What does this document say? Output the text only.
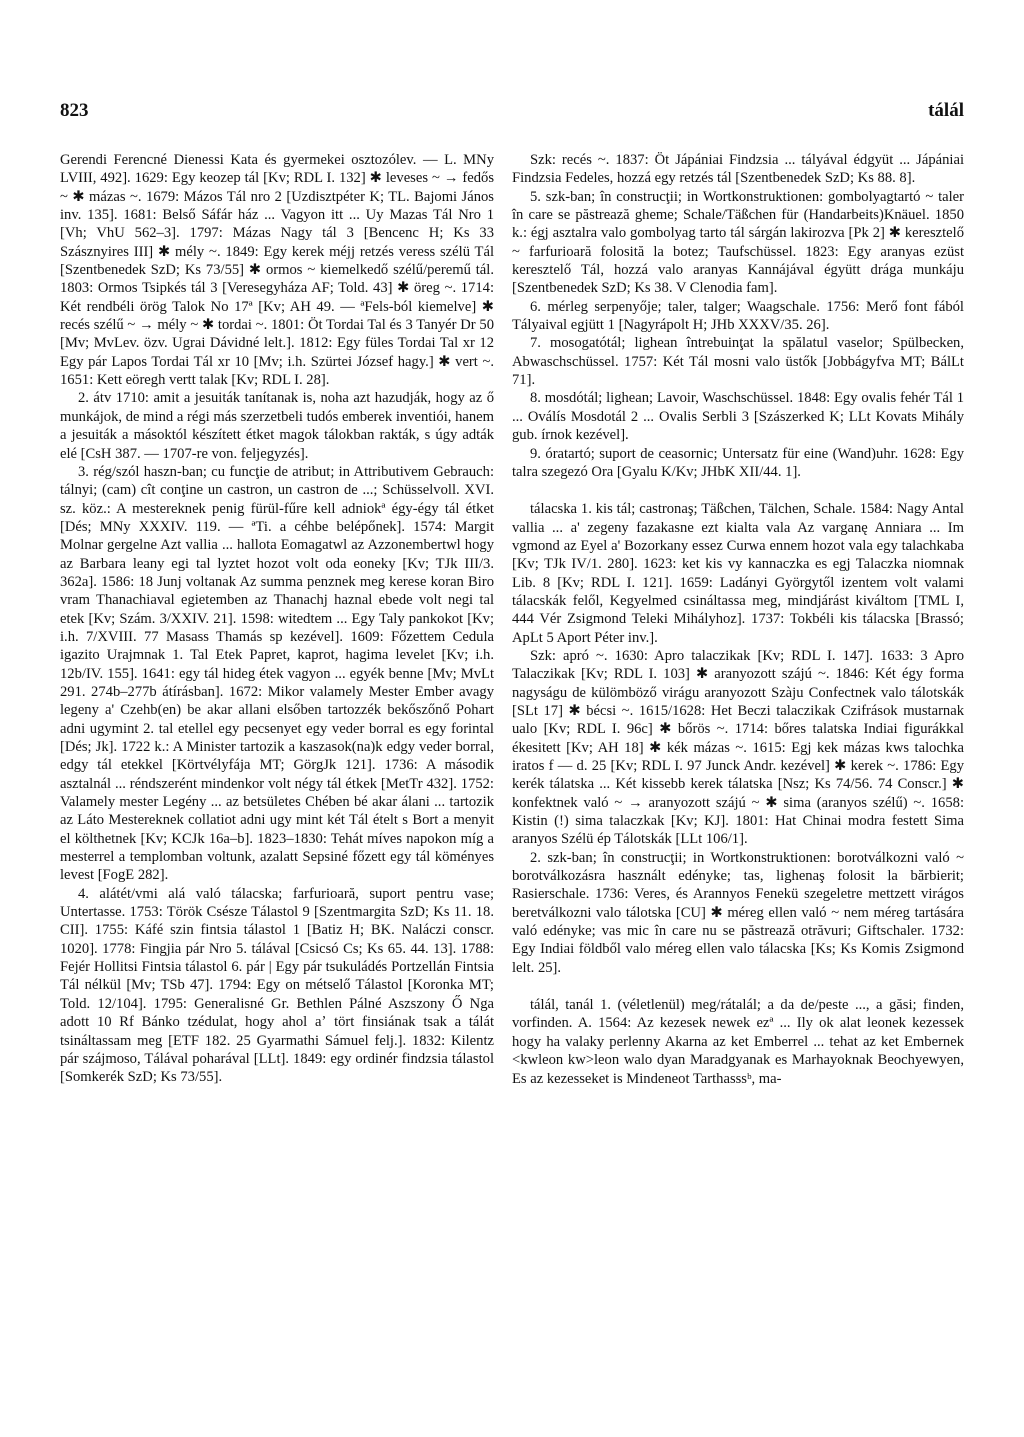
823	tálál

Gerendi Ferencné Dienessi Kata és gyermekei osztozólev. — L. MNy LVIII, 492]. 1629: Egy keozep tál [Kv; RDL I. 132] ✱ leveses ~ → fedős ~ ✱ mázas ~. 1679: Mázos Tál nro 2 [Uzdisztpéter K; TL. Bajomi János inv. 135]. 1681: Belső Sáfár ház ... Vagyon itt ... Uy Mazas Tál Nro 1 [Vh; VhU 562–3]. 1797: Mázas Nagy tál 3 [Bencenc H; Ks 33 Szásznyires III] ✱ mély ~. 1849: Egy kerek méjj retzés veress szélü Tál [Szentbenedek SzD; Ks 73/55] ✱ ormos ~ kiemelkedő szélű/peremű tál. 1803: Ormos Tsipkés tál 3 [Veresegyháza AF; Told. 43] ✱ öreg ~. 1714: Két rendbéli örög Talok No 17ª [Kv; AH 49. — ªFels-ból kiemelve] ✱ recés szélű ~ → mély ~ ✱ tordai ~. 1801: Öt Tordai Tal és 3 Tanyér Dr 50 [Mv; MvLev. özv. Ugrai Dávidné lelt.]. 1812: Egy füles Tordai Tal xr 12 Egy pár Lapos Tordai Tál xr 10 [Mv; i.h. Szürtei József hagy.] ✱ vert ~. 1651: Kett eöregh vertt talak [Kv; RDL I. 28].

2. átv 1710: amit a jesuiták tanítanak is, noha azt hazudják, hogy az ő munkájok, de mind a régi más szerzetbeli tudós emberek inventiói, hanem a jesuiták a másoktól készített étket magok tálokban rakták, s úgy adták elé [CsH 387. — 1707-re von. feljegyzés].

3. rég/szól haszn-ban; cu funcţie de atribut; in Attributivem Gebrauch: tálnyi; (cam) cît conţine un castron, un castron de ...; Schüsselvoll. XVI. sz. köz.: A mestereknek penig fürül-fűre kell adniokª égy-égy tál étket [Dés; MNy XXXIV. 119. — ªTi. a céhbe belépőnek]. 1574: Margit Molnar gergelne Azt vallia ... hallota Eomagatwl az Azzonembertwl hogy az Barbara leany egi tal lyztet hozot volt oda eoneky [Kv; TJk III/3. 362a]. 1586: 18 Junj voltanak Az summa penznek meg kerese koran Biro vram Thanachiaval egietemben az Thanachj haznal ebede volt negi tal etek [Kv; Szám. 3/XXIV. 21]. 1598: witedtem ... Egy Taly pankokot [Kv; i.h. 7/XVIII. 77 Masass Thamás sp kezével]. 1609: Főzettem Cedula igazito Urajmnak 1. Tal Etek Papret, kaprot, hagima levelet [Kv; i.h. 12b/IV. 155]. 1641: egy tál hideg étek vagyon ... egyék benne [Mv; MvLt 291. 274b–277b átírásban]. 1672: Mikor valamely Mester Ember avagy legeny a' Czehb(en) be akar allani elsőben tartozzék bekőszőnő Pohart adni ugymint 2. tal etellel egy pecsenyet egy veder borral es egy forintal [Dés; Jk]. 1722 k.: A Minister tartozik a kaszasok(na)k edgy veder borral, edgy tál etekkel [Körtvélyfája MT; GörgJk 121]. 1736: A második asztalnál ... réndszerént mindenkor volt négy tál étkek [MetTr 432]. 1752: Valamely mester Legény ... az betsületes Chében bé akar álani ... tartozik az Láto Mestereknek collatiot adni ugy mint két Tál ételt s Bort a menyit el költhetnek [Kv; KCJk 16a–b]. 1823–1830: Tehát míves napokon míg a mesterrel a templomban voltunk, azalatt Sepsiné főzett egy tál köményes levest [FogE 282].

4. alátét/vmi alá való tálacska; farfurioară, suport pentru vase; Untertasse. 1753: Török Csésze Tálastol 9 [Szentmargita SzD; Ks 11. 18. CII]. 1755: Káfé szin fintsia tálastol 1 [Batiz H; BK. Naláczi conscr. 1020]. 1778: Fingjia pár Nro 5. tálával [Csicsó Cs; Ks 65. 44. 13]. 1788: Fejér Hollitsi Fintsia tálastol 6. pár | Egy pár tsukuládés Portzellán Fintsia Tál nélkül [Mv; TSb 47]. 1794: Egy on métselő Tálastol [Koronka MT; Told. 12/104]. 1795: Generalisné Gr. Bethlen Pálné Aszszony Ő Nga adott 10 Rf Bánko tzédulat, hogy ahol aʼ tört finsiának tsak a tálát tsináltassam meg [ETF 182. 25 Gyarmathi Sámuel felj.]. 1832: Kilentz pár szájmoso, Tálával poharával [LLt]. 1849: egy ordinér findzsia tálastol [Somkerék SzD; Ks 73/55].

Szk: recés ~. 1837: Öt Jápániai Findzsia ... tályával édgyüt ... Jápániai Findzsia Fedeles, hozzá egy retzés tál [Szentbenedek SzD; Ks 88. 8].

5. szk-ban; în construcţii; in Wortkonstruktionen: gombolyagtartó ~ taler în care se păstrează gheme; Schale/Täßchen für (Handarbeits)Knäuel. 1850 k.: égj asztalra valo gombolyag tarto tál sárgán lakirozva [Pk 2] ✱ keresztelő ~ farfurioară folosită la botez; Taufschüssel. 1823: Egy aranyas ezüst keresztelő Tál, hozzá valo aranyas Kannájával égyütt drága munkáju [Szentbenedek SzD; Ks 38. V Clenodia fam].

6. mérleg serpenyője; taler, talger; Waagschale. 1756: Merő font fából Tályaival egjütt 1 [Nagyrápolt H; JHb XXXV/35. 26].

7. mosogatótál; lighean întrebuinţat la spălatul vaselor; Spülbecken, Abwaschschüssel. 1757: Két Tál mosni valo üstők [Jobbágyfva MT; BálLt 71].

8. mosdótál; lighean; Lavoir, Waschschüssel. 1848: Egy ovalis fehér Tál 1 ... Oválís Mosdotál 2 ... Ovalis Serbli 3 [Szászerked K; LLt Kovats Mihály gub. írnok kezével].

9. óratartó; suport de ceasornic; Untersatz für eine (Wand)uhr. 1628: Egy talra szegezó Ora [Gyalu K/Kv; JHbK XII/44. 1].

tálacska 1. kis tál; castronaş; Täßchen, Tälchen, Schale. 1584: Nagy Antal vallia ... a' zegeny fazakasne ezt kialta vala Az varganę Anniara ... Im vgmond az Eyel a' Bozorkany essez Curwa ennem hozot vala egy talachkaba [Kv; TJk IV/1. 280]. 1623: ket kis vy kannaczka es egj Talaczka niomnak Lib. 8 [Kv; RDL I. 121]. 1659: Ladányi Györgytől izentem volt valami tálacskák felől, Kegyelmed csináltassa meg, mindjárást kiváltom [TML I, 444 Vér Zsigmond Teleki Mihályhoz]. 1737: Tokbéli kis tálacska [Brassó; ApLt 5 Aport Péter inv.].

Szk: apró ~. 1630: Apro talaczikak [Kv; RDL I. 147]. 1633: 3 Apro Talaczikak [Kv; RDL I. 103] ✱ aranyozott szájú ~. 1846: Két égy forma nagyságu de külömböző virágu aranyozott Szàju Confectnek valo tálotskák [SLt 17] ✱ bécsi ~. 1615/1628: Het Beczi talaczikak Czifrások mustarnak ualo [Kv; RDL I. 96c] ✱ bőrös ~. 1714: bőres talatska Indiai figurákkal ékesitett [Kv; AH 18] ✱ kék mázas ~. 1615: Egj kek mázas kws talochka iratos f — d. 25 [Kv; RDL I. 97 Junck Andr. kezével] ✱ kerek ~. 1786: Egy kerék tálatska ... Két kissebb kerek tálatska [Nsz; Ks 74/56. 74 Conscr.] ✱ konfektnek való ~ → aranyozott szájú ~ ✱ sima (aranyos szélű) ~. 1658: Kistin (!) sima talaczkak [Kv; KJ]. 1801: Hat Chinai modra festett Sima aranyos Szélü ép Tálotskák [LLt 106/1].

2. szk-ban; în construcţii; in Wortkonstruktionen: borotválkozni való ~ borotválkozásra használt edényke; tas, lighenaş folosit la bărbierit; Rasierschale. 1736: Veres, és Arannyos Fenekü szegeletre mettzett virágos beretválkozni valo tálotska [CU] ✱ méreg ellen való ~ nem méreg tartására való edényke; vas mic în care nu se păstrează otrăvuri; Giftschaler. 1732: Egy Indiai földből valo méreg ellen valo tálacska [Ks; Ks Komis Zsigmond lelt. 25].

tálál, tanál 1. (véletlenül) meg/rátalál; a da de/peste ..., a găsi; finden, vorfinden. A. 1564: Az kezesek newek ezª ... Ily ok alat leonek kezessek hogy ha valaky perlenny Akarna az ket Emberrel ... tehat az ket Embernek <kwleon kw>leon walo dyan Maradgyanak es Marhayoknak Beochyewyen, Es az kezesseket is Mindeneot Tarthasssᵇ, ma-
